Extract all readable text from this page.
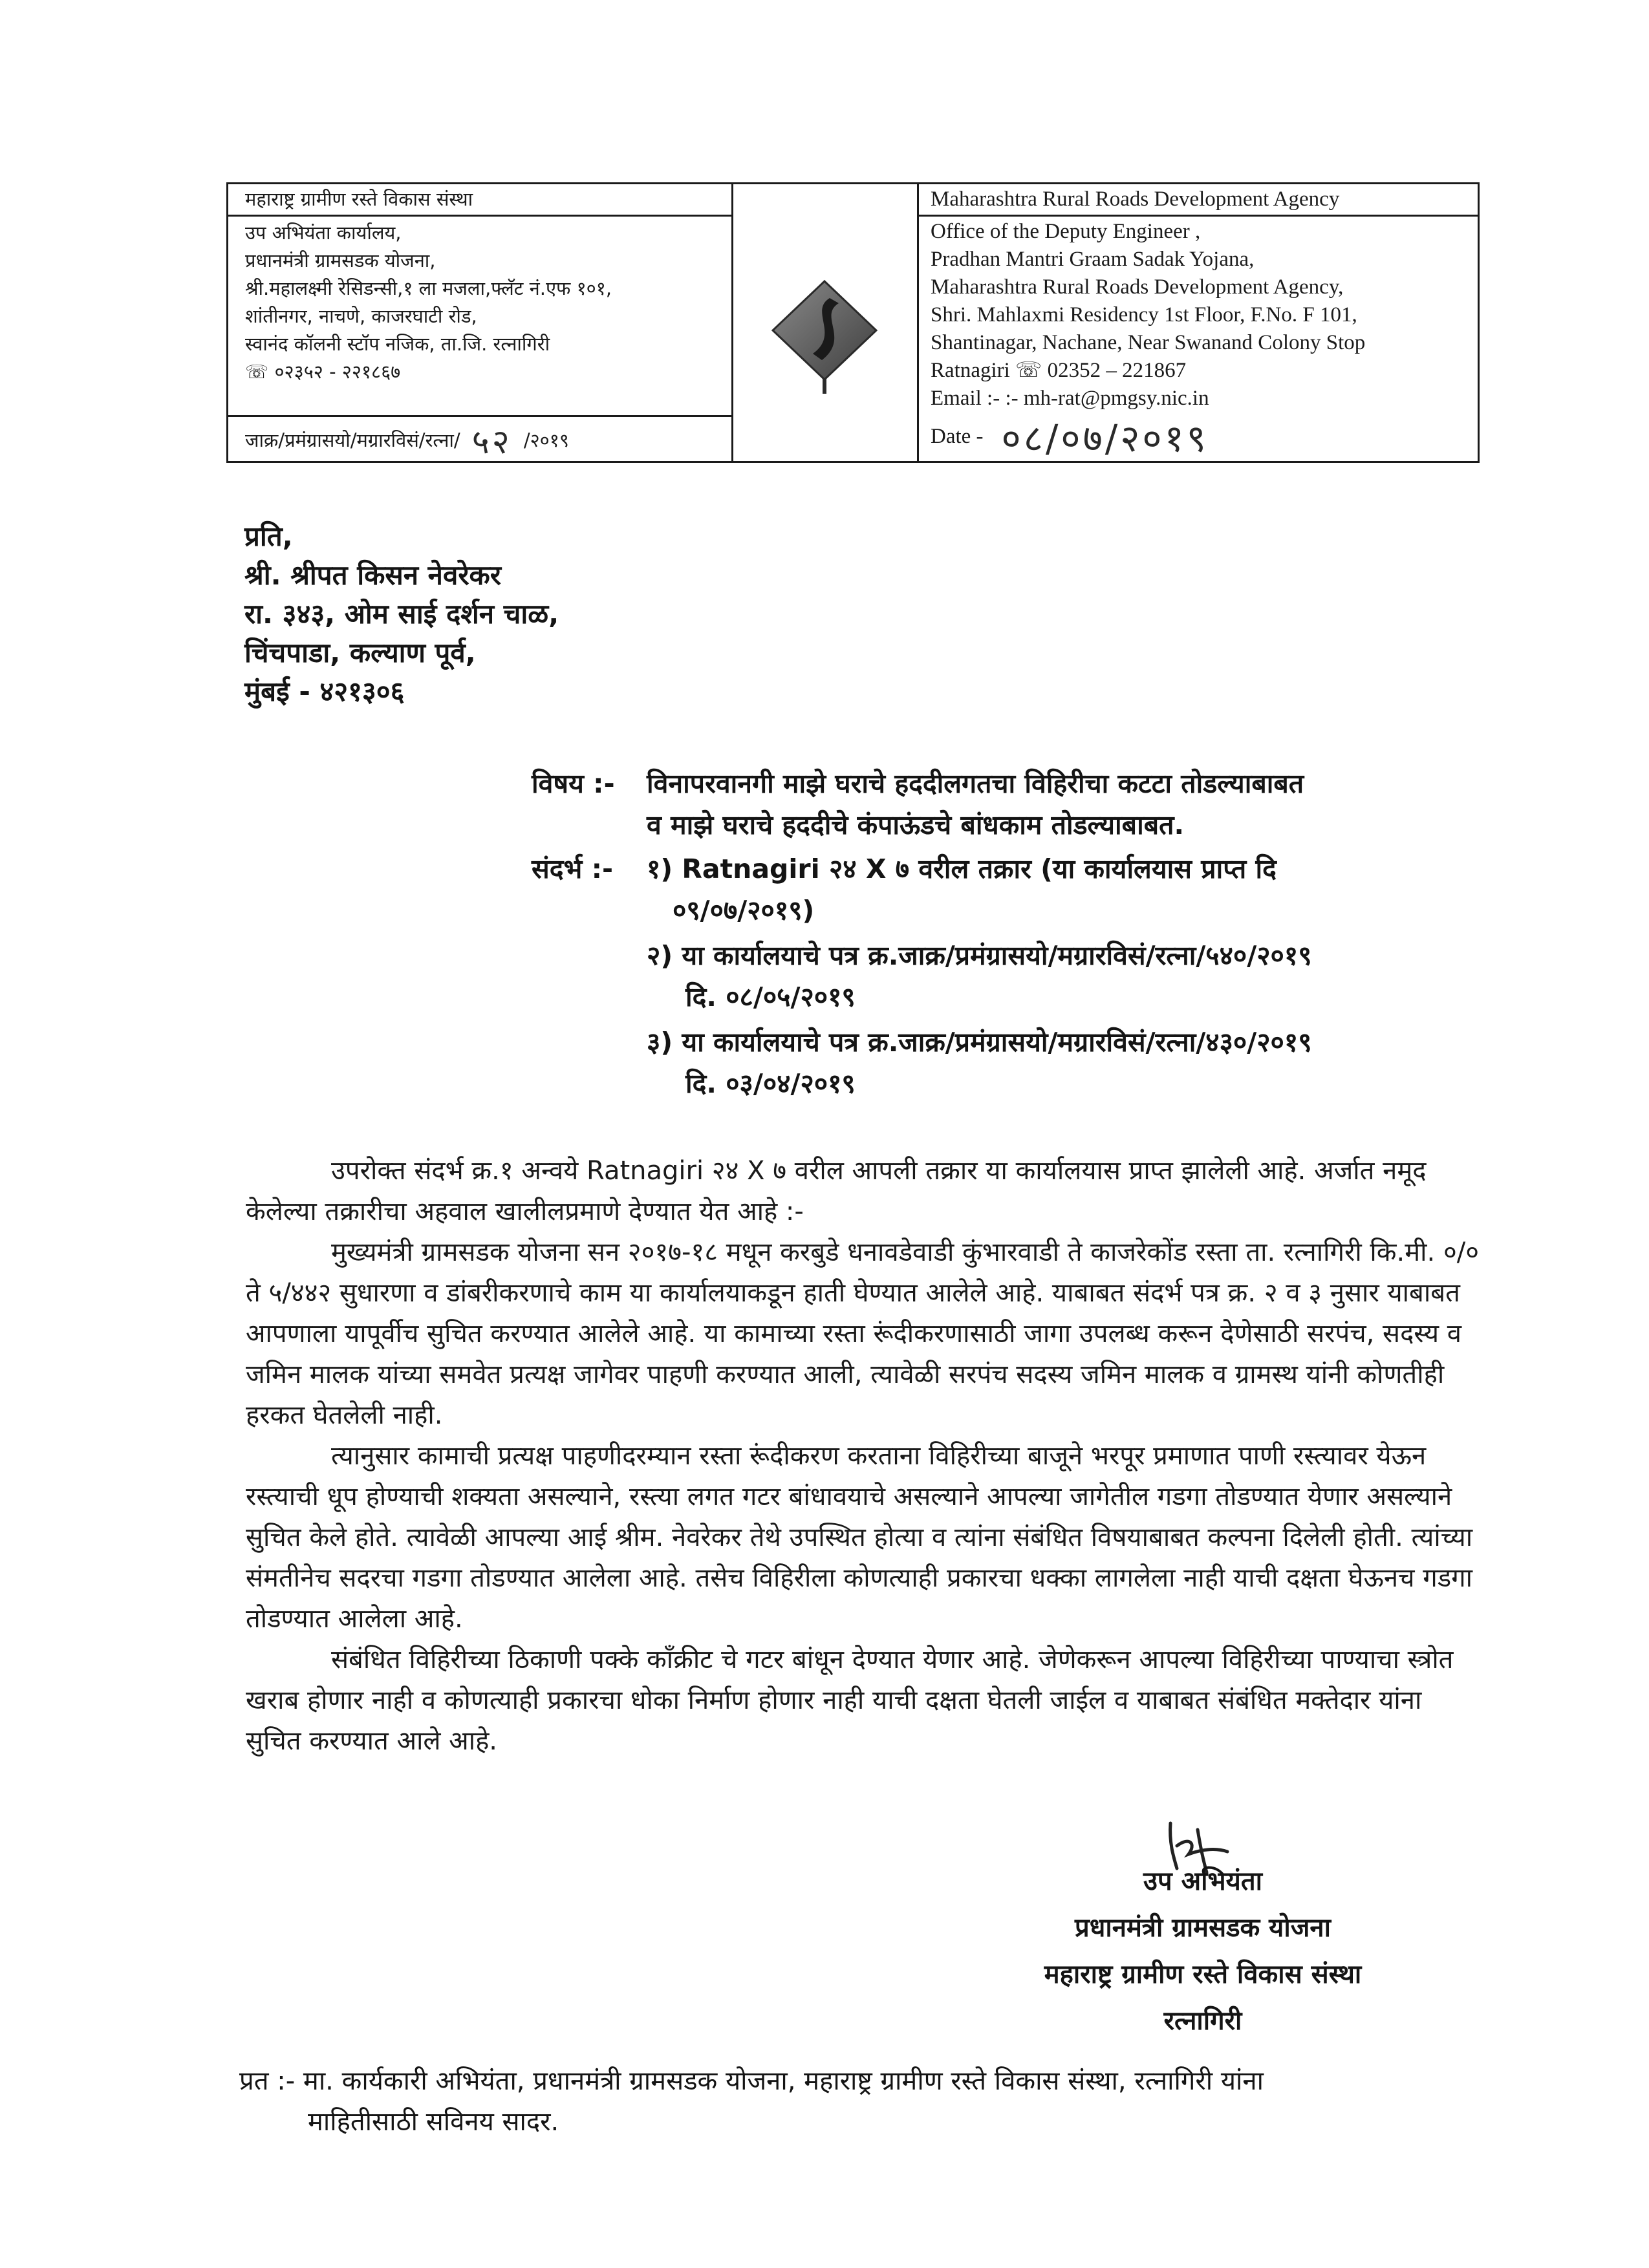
महाराष्ट्र ग्रामीण रस्ते विकास संस्था
उप अभियंता कार्यालय,
प्रधानमंत्री ग्रामसडक योजना,
श्री.महालक्ष्मी रेसिडन्सी,१ ला मजला,फ्लॅट नं.एफ १०१,
शांतीनगर, नाचणे, काजरघाटी रोड,
स्वानंद कॉलनी स्टॉप नजिक, ता.जि. रत्नागिरी
☏ ०२३५२ - २२१८६७
जाक्र/प्रमंग्रासयो/मग्रारविसं/रत्ना/ ५२ /२०१९
Maharashtra Rural Roads Development Agency
Office of the Deputy Engineer ,
Pradhan Mantri Graam Sadak Yojana,
Maharashtra Rural Roads Development Agency,
Shri. Mahlaxmi Residency 1st Floor, F.No. F 101,
Shantinagar, Nachane, Near Swanand Colony Stop
Ratnagiri ☏ 02352 – 221867
Email :- :- mh-rat@pmgsy.nic.in
Date - ०८/०७/२०१९
प्रति,
श्री. श्रीपत किसन नेवरेकर
रा. ३४३, ओम साई दर्शन चाळ,
चिंचपाडा, कल्याण पूर्व,
मुंबई - ४२१३०६
विषय :- विनापरवानगी माझे घराचे हददीलगतचा विहिरीचा कटटा तोडल्याबाबत
व माझे घराचे हददीचे कंपाऊंडचे बांधकाम तोडल्याबाबत.
संदर्भ :- १) Ratnagiri २४ X ७ वरील तक्रार (या कार्यालयास प्राप्त दि
०९/०७/२०१९)
२) या कार्यालयाचे पत्र क्र.जाक्र/प्रमंग्रासयो/मग्रारविसं/रत्ना/५४०/२०१९
दि. ०८/०५/२०१९
३) या कार्यालयाचे पत्र क्र.जाक्र/प्रमंग्रासयो/मग्रारविसं/रत्ना/४३०/२०१९
दि. ०३/०४/२०१९

उपरोक्त संदर्भ क्र.१ अन्वये Ratnagiri २४ X ७ वरील आपली तक्रार या कार्यालयास प्राप्त झालेली आहे. अर्जात नमूद केलेल्या तक्रारीचा अहवाल खालीलप्रमाणे देण्यात येत आहे :-

मुख्यमंत्री ग्रामसडक योजना सन २०१७-१८ मधून करबुडे धनावडेवाडी कुंभारवाडी ते काजरेकोंड रस्ता ता. रत्नागिरी कि.मी. ०/० ते ५/४४२ सुधारणा व डांबरीकरणाचे काम या कार्यालयाकडून हाती घेण्यात आलेले आहे. याबाबत संदर्भ पत्र क्र. २ व ३ नुसार याबाबत आपणाला यापूर्वीच सुचित करण्यात आलेले आहे. या कामाच्या रस्ता रूंदीकरणासाठी जागा उपलब्ध करून देणेसाठी सरपंच, सदस्य व जमिन मालक यांच्या समवेत प्रत्यक्ष जागेवर पाहणी करण्यात आली, त्यावेळी सरपंच सदस्य जमिन मालक व ग्रामस्थ यांनी कोणतीही हरकत घेतलेली नाही.

त्यानुसार कामाची प्रत्यक्ष पाहणीदरम्यान रस्ता रूंदीकरण करताना विहिरीच्या बाजूने भरपूर प्रमाणात पाणी रस्त्यावर येऊन रस्त्याची धूप होण्याची शक्यता असल्याने, रस्त्या लगत गटर बांधावयाचे असल्याने आपल्या जागेतील गडगा तोडण्यात येणार असल्याने सुचित केले होते. त्यावेळी आपल्या आई श्रीम. नेवरेकर तेथे उपस्थित होत्या व त्यांना संबंधित विषयाबाबत कल्पना दिलेली होती. त्यांच्या संमतीनेच सदरचा गडगा तोडण्यात आलेला आहे. तसेच विहिरीला कोणत्याही प्रकारचा धक्का लागलेला नाही याची दक्षता घेऊनच गडगा तोडण्यात आलेला आहे.

संबंधित विहिरीच्या ठिकाणी पक्के कॉंक्रीट चे गटर बांधून देण्यात येणार आहे. जेणेकरून आपल्या विहिरीच्या पाण्याचा स्त्रोत खराब होणार नाही व कोणत्याही प्रकारचा धोका निर्माण होणार नाही याची दक्षता घेतली जाईल व याबाबत संबंधित मक्तेदार यांना सुचित करण्यात आले आहे.

उप अभियंता
प्रधानमंत्री ग्रामसडक योजना
महाराष्ट्र ग्रामीण रस्ते विकास संस्था
रत्नागिरी
प्रत :- मा. कार्यकारी अभियंता, प्रधानमंत्री ग्रामसडक योजना, महाराष्ट्र ग्रामीण रस्ते विकास संस्था, रत्नागिरी यांना
माहितीसाठी सविनय सादर.
